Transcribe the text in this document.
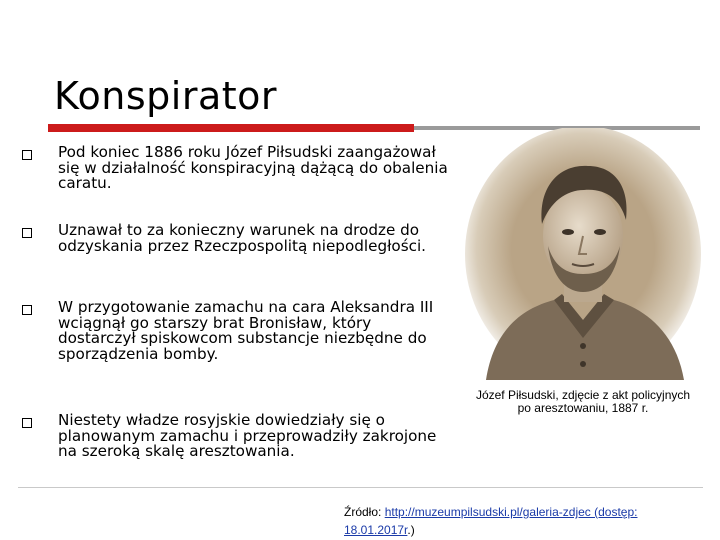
Konspirator
Pod koniec 1886 roku Józef Piłsudski zaangażował się w działalność konspiracyjną dążącą do obalenia caratu.
Uznawał to za konieczny warunek na drodze do odzyskania przez Rzeczpospolitą niepodległości.
W przygotowanie zamachu na cara Aleksandra III wciągnął go starszy brat Bronisław, który dostarczył spiskowcom substancje niezbędne do sporządzenia bomby.
Niestety władze rosyjskie dowiedziały się o planowanym zamachu i przeprowadziły zakrojone na szeroką skalę aresztowania.
Józef Piłsudski, zdjęcie z akt policyjnych po aresztowaniu, 1887 r.
Źródło: http://muzeumpilsudski.pl/galeria-zdjec (dostęp: 18.01.2017r.)
